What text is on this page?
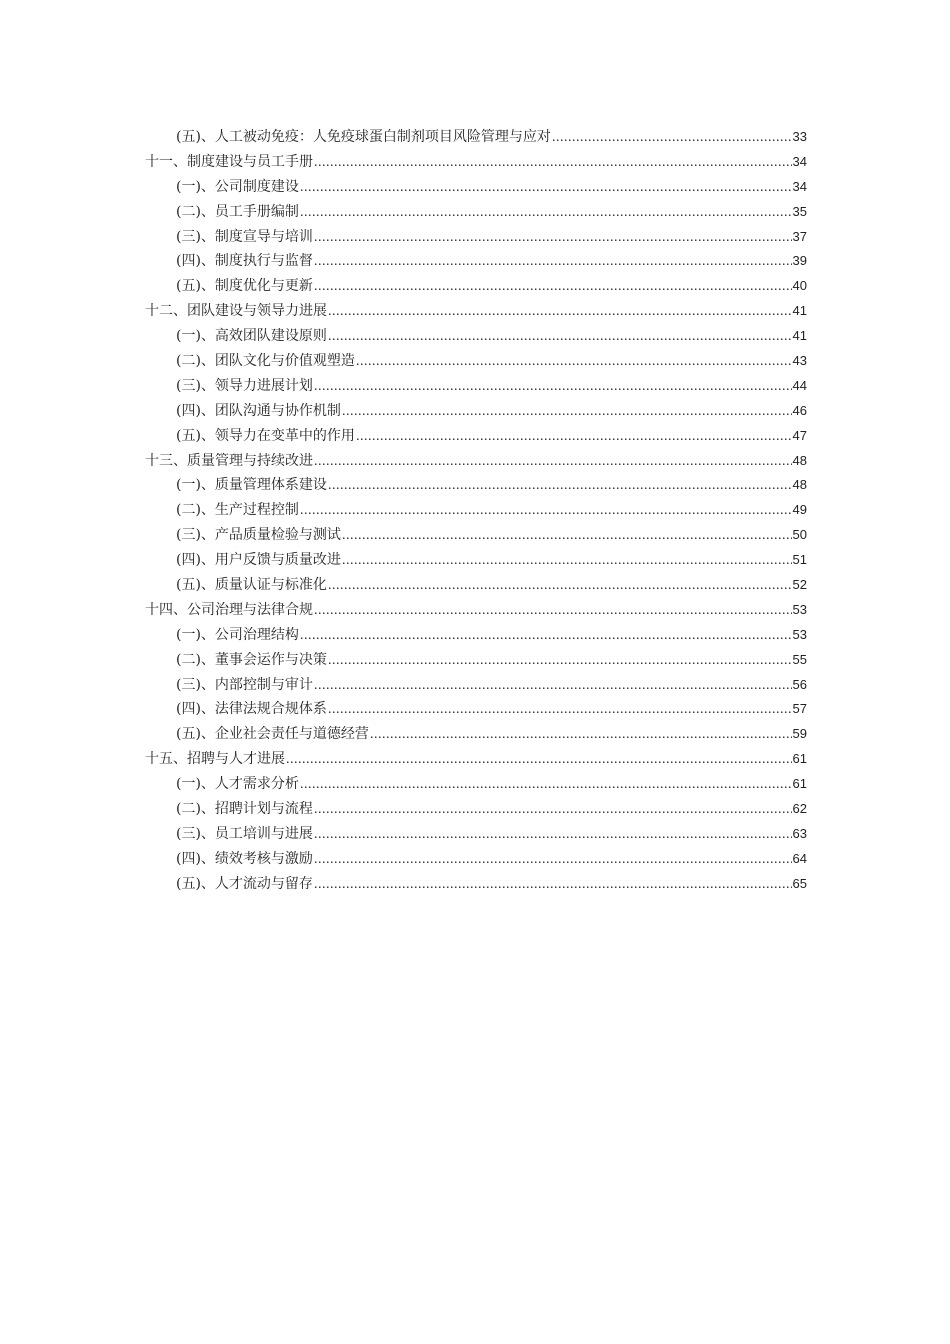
(五)、人工被动免疫：人免疫球蛋白制剂项目风险管理与应对 .....	33
十一、制度建设与员工手册 .....	34
(一)、公司制度建设 .....	34
(二)、员工手册编制 .....	35
(三)、制度宣导与培训 .....	37
(四)、制度执行与监督 .....	39
(五)、制度优化与更新 .....	40
十二、团队建设与领导力进展 .....	41
(一)、高效团队建设原则 .....	41
(二)、团队文化与价值观塑造 .....	43
(三)、领导力进展计划 .....	44
(四)、团队沟通与协作机制 .....	46
(五)、领导力在变革中的作用 .....	47
十三、质量管理与持续改进 .....	48
(一)、质量管理体系建设 .....	48
(二)、生产过程控制 .....	49
(三)、产品质量检验与测试 .....	50
(四)、用户反馈与质量改进 .....	51
(五)、质量认证与标准化 .....	52
十四、公司治理与法律合规 .....	53
(一)、公司治理结构 .....	53
(二)、董事会运作与决策 .....	55
(三)、内部控制与审计 .....	56
(四)、法律法规合规体系 .....	57
(五)、企业社会责任与道德经营 .....	59
十五、招聘与人才进展 .....	61
(一)、人才需求分析 .....	61
(二)、招聘计划与流程 .....	62
(三)、员工培训与进展 .....	63
(四)、绩效考核与激励 .....	64
(五)、人才流动与留存 .....	65
